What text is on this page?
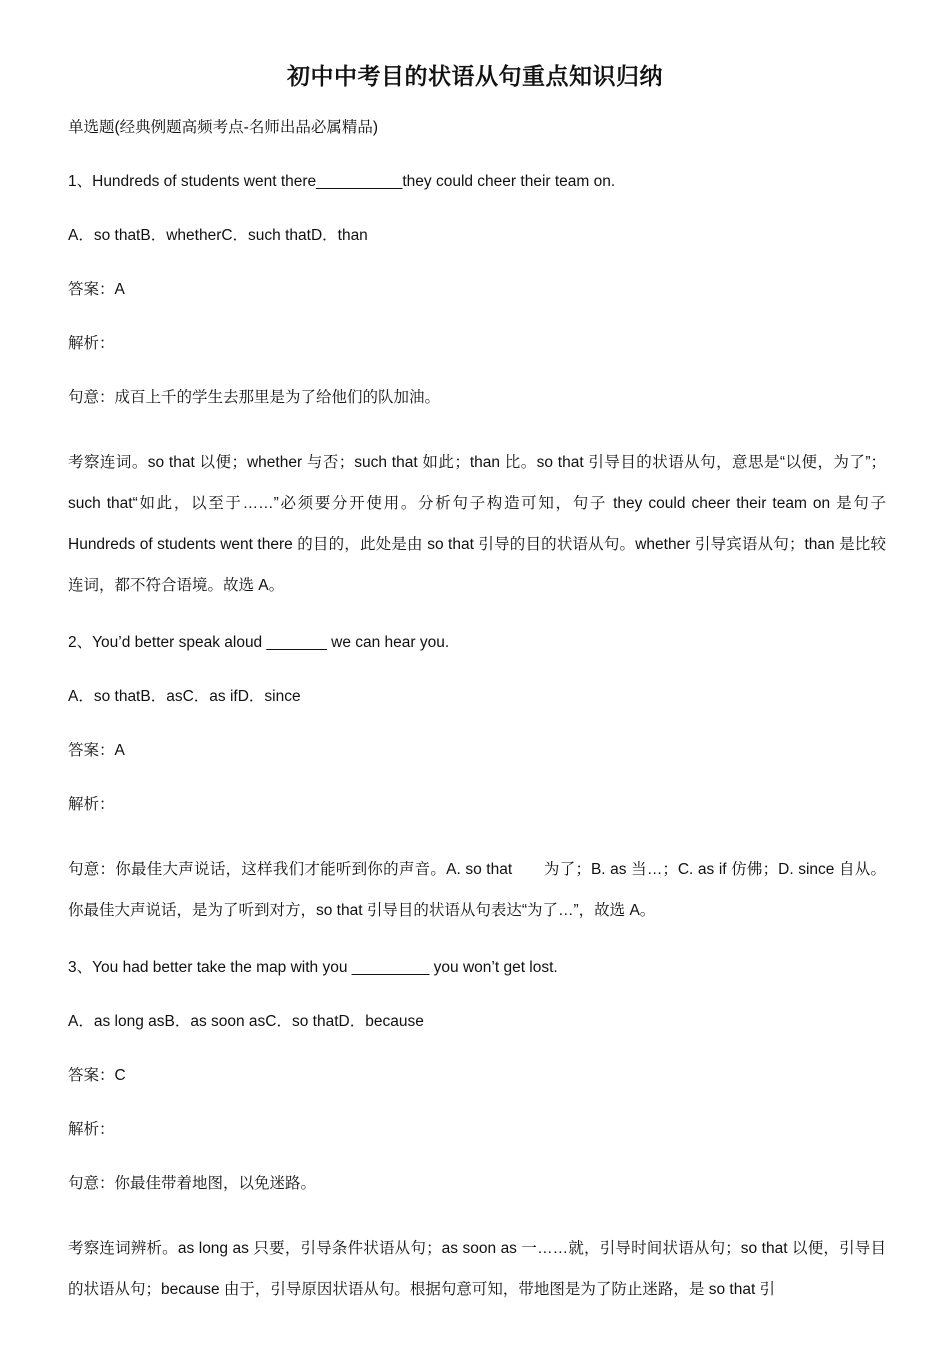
初中中考目的状语从句重点知识归纳
单选题(经典例题高频考点-名师出品必属精品)
1、Hundreds of students went there__________they could cheer their team on.
A．so thatB．whetherC．such thatD．than
答案：A
解析：
句意：成百上千的学生去那里是为了给他们的队加油。
考察连词。so that 以便；whether 与否；such that 如此；than 比。so that 引导目的状语从句，意思是“以便，为了”；such that“如此，以至于……”必须要分开使用。分析句子构造可知，句子 they could cheer their team on 是句子 Hundreds of students went there 的目的，此处是由 so that 引导的目的状语从句。whether 引导宾语从句；than 是比较连词，都不符合语境。故选 A。
2、You’d better speak aloud _______ we can hear you.
A．so thatB．asC．as ifD．since
答案：A
解析：
句意：你最佳大声说话，这样我们才能听到你的声音。A. so that　　为了；B. as 当…；C. as if 仿佛；D. since 自从。你最佳大声说话，是为了听到对方，so that 引导目的状语从句表达“为了…”，故选 A。
3、You had better take the map with you _________ you won’t get lost.
A．as long asB．as soon asC．so thatD．because
答案：C
解析：
句意：你最佳带着地图，以免迷路。
考察连词辨析。as long as 只要，引导条件状语从句；as soon as 一……就，引导时间状语从句；so that 以便，引导目的状语从句；because 由于，引导原因状语从句。根据句意可知，带地图是为了防止迷路，是 so that 引
